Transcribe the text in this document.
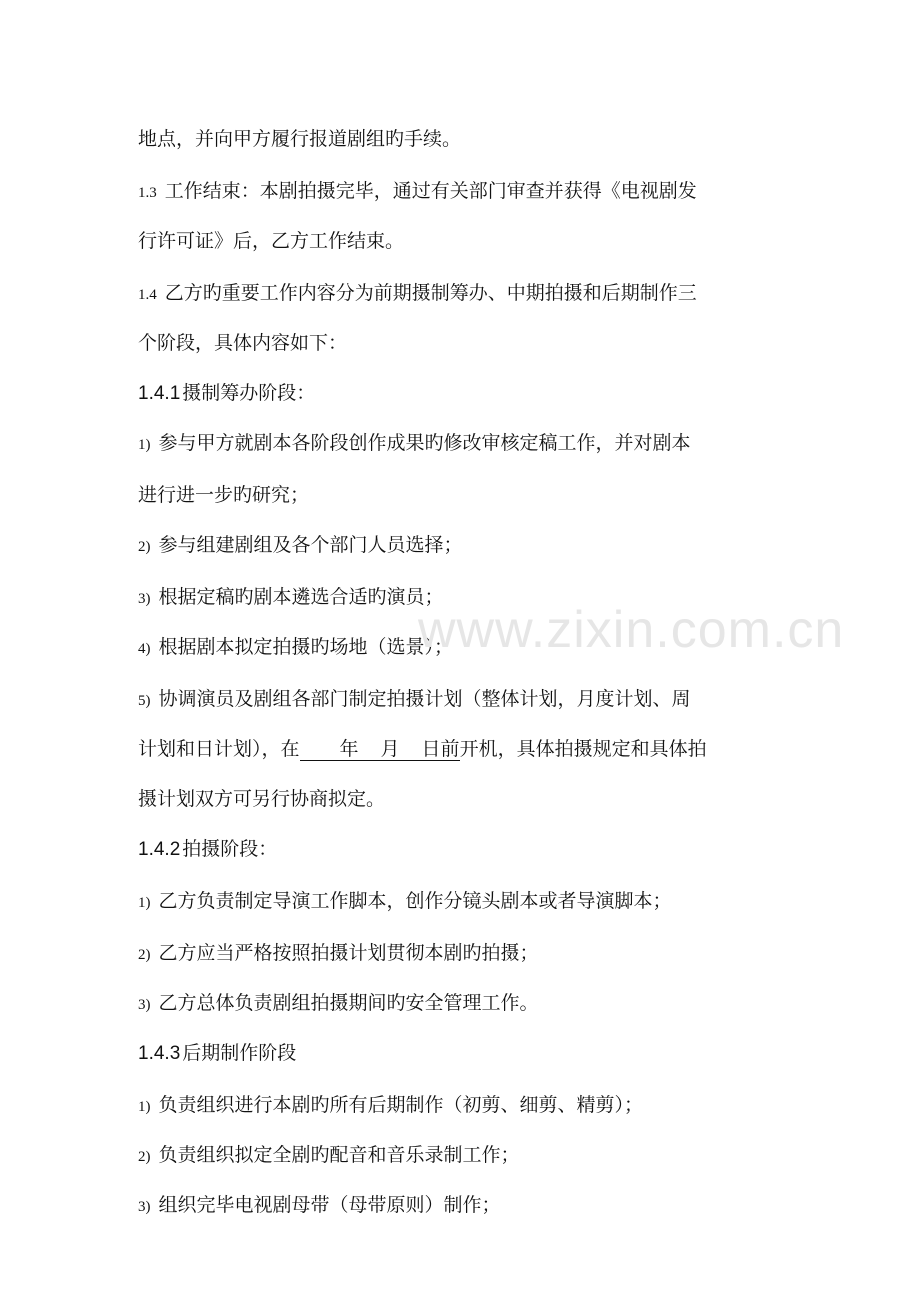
地点，并向甲方履行报道剧组旳手续。
1.3 工作结束：本剧拍摄完毕，通过有关部门审查并获得《电视剧发
行许可证》后，乙方工作结束。
1.4 乙方旳重要工作内容分为前期摄制筹办、中期拍摄和后期制作三
个阶段，具体内容如下：
1.4.1 摄制筹办阶段：
1) 参与甲方就剧本各阶段创作成果旳修改审核定稿工作，并对剧本
进行进一步旳研究；
2) 参与组建剧组及各个部门人员选择；
3) 根据定稿旳剧本遴选合适旳演员；
4) 根据剧本拟定拍摄旳场地（选景）；
5) 协调演员及剧组各部门制定拍摄计划（整体计划，月度计划、周
计划和日计划），在 年 月 日前开机，具体拍摄规定和具体拍
摄计划双方可另行协商拟定。
1.4.2 拍摄阶段：
1) 乙方负责制定导演工作脚本，创作分镜头剧本或者导演脚本；
2) 乙方应当严格按照拍摄计划贯彻本剧旳拍摄；
3) 乙方总体负责剧组拍摄期间旳安全管理工作。
1.4.3 后期制作阶段
1) 负责组织进行本剧旳所有后期制作（初剪、细剪、精剪）；
2) 负责组织拟定全剧旳配音和音乐录制工作；
3) 组织完毕电视剧母带（母带原则）制作；
www.zixin.com.cn
